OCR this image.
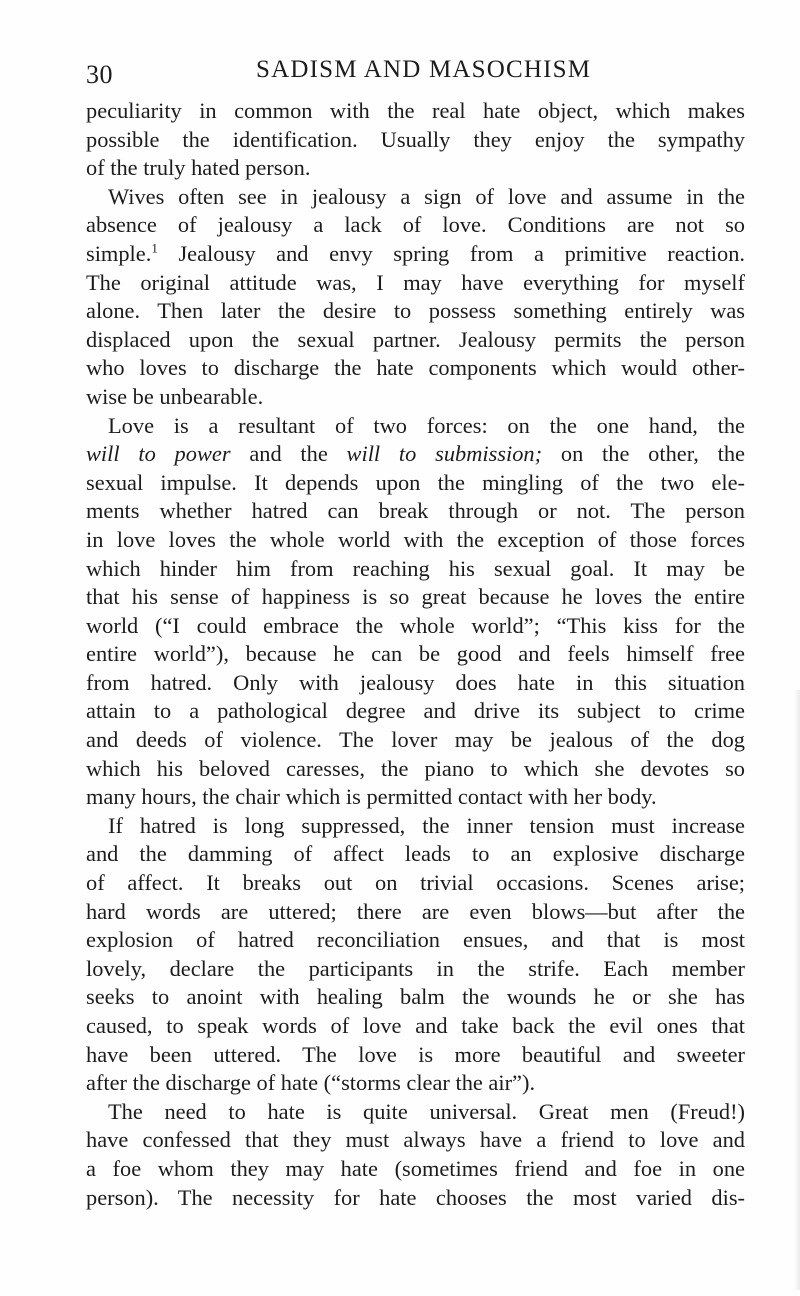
30	SADISM AND MASOCHISM
peculiarity in common with the real hate object, which makes
possible the identification. Usually they enjoy the sympathy
of the truly hated person.
Wives often see in jealousy a sign of love and assume in the
absence of jealousy a lack of love. Conditions are not so
simple.$^1$ Jealousy and envy spring from a primitive reaction.
The original attitude was, I may have everything for myself
alone. Then later the desire to possess something entirely was
displaced upon the sexual partner. Jealousy permits the person
who loves to discharge the hate components which would other-
wise be unbearable.
Love is a resultant of two forces: on the one hand, the
will to power and the will to submission; on the other, the
sexual impulse. It depends upon the mingling of the two ele-
ments whether hatred can break through or not. The person
in love loves the whole world with the exception of those forces
which hinder him from reaching his sexual goal. It may be
that his sense of happiness is so great because he loves the entire
world (“I could embrace the whole world”; “This kiss for the
entire world”), because he can be good and feels himself free
from hatred. Only with jealousy does hate in this situation
attain to a pathological degree and drive its subject to crime
and deeds of violence. The lover may be jealous of the dog
which his beloved caresses, the piano to which she devotes so
many hours, the chair which is permitted contact with her body.
If hatred is long suppressed, the inner tension must increase
and the damming of affect leads to an explosive discharge
of affect. It breaks out on trivial occasions. Scenes arise;
hard words are uttered; there are even blows—but after the
explosion of hatred reconciliation ensues, and that is most
lovely, declare the participants in the strife. Each member
seeks to anoint with healing balm the wounds he or she has
caused, to speak words of love and take back the evil ones that
have been uttered. The love is more beautiful and sweeter
after the discharge of hate (“storms clear the air”).
The need to hate is quite universal. Great men (Freud!)
have confessed that they must always have a friend to love and
a foe whom they may hate (sometimes friend and foe in one
person). The necessity for hate chooses the most varied dis-
